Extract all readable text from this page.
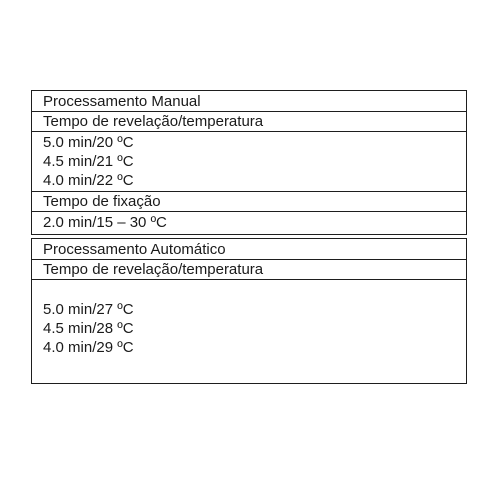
Processamento Manual
Tempo de revelação/temperatura
5.0 min/20 ºC
4.5 min/21 ºC
4.0 min/22 ºC
Tempo de fixação
2.0 min/15 – 30 ºC
Processamento Automático
Tempo de revelação/temperatura
5.0 min/27 ºC
4.5 min/28 ºC
4.0 min/29 ºC
